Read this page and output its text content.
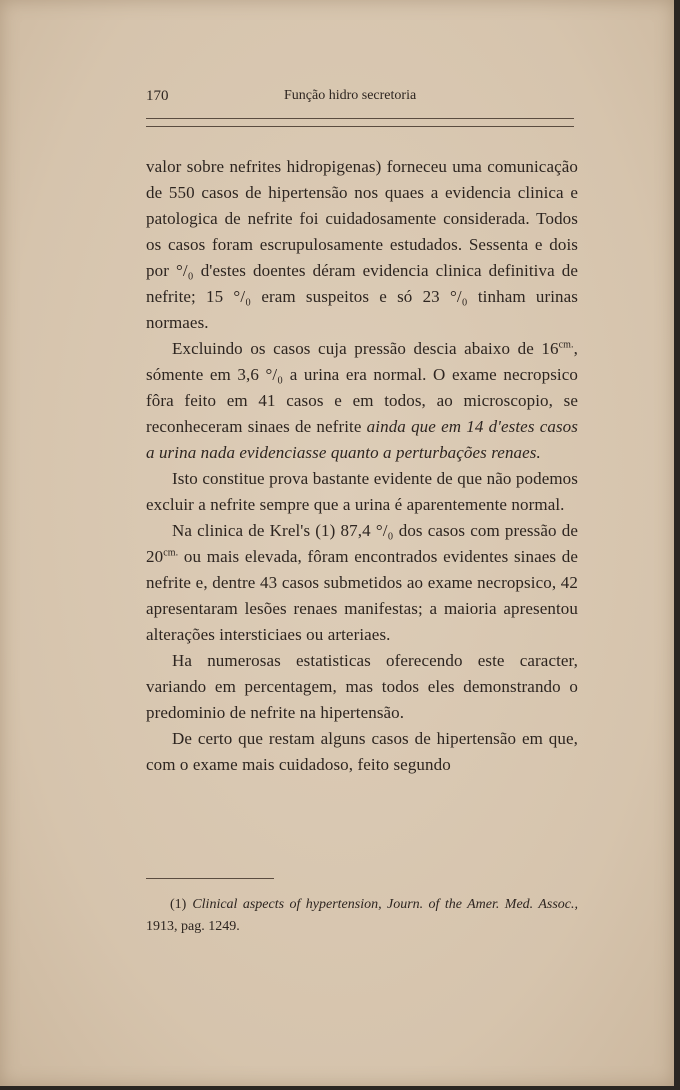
170	Função hidro secretoria

valor sobre nefrites hidropigenas) forneceu uma comunicação de 550 casos de hipertensão nos quaes a evidencia clinica e patologica de nefrite foi cuidadosamente considerada. Todos os casos foram escrupulosamente estudados. Sessenta e dois por °/₀ d'estes doentes déram evidencia clinica definitiva de nefrite; 15 °/₀ eram suspeitos e só 23 °/₀ tinham urinas normaes.

Excluindo os casos cuja pressão descia abaixo de $16^{cm.}$, sómente em 3,6 °/₀ a urina era normal. O exame necropsico fôra feito em 41 casos e em todos, ao microscopio, se reconheceram sinaes de nefrite ainda que em 14 d'estes casos a urina nada evidenciasse quanto a perturbações renaes.

Isto constitue prova bastante evidente de que não podemos excluir a nefrite sempre que a urina é aparentemente normal.

Na clinica de Krel's (1) 87,4 °/₀ dos casos com pressão de $20^{cm.}$ ou mais elevada, fôram encontrados evidentes sinaes de nefrite e, dentre 43 casos submetidos ao exame necropsico, 42 apresentaram lesões renaes manifestas; a maioria apresentou alterações intersticiaes ou arteriaes.

Ha numerosas estatisticas oferecendo este caracter, variando em percentagem, mas todos eles demonstrando o predominio de nefrite na hipertensão.

De certo que restam alguns casos de hipertensão em que, com o exame mais cuidadoso, feito segundo

(1) Clinical aspects of hypertension, Journ. of the Amer. Med. Assoc., 1913, pag. 1249.
